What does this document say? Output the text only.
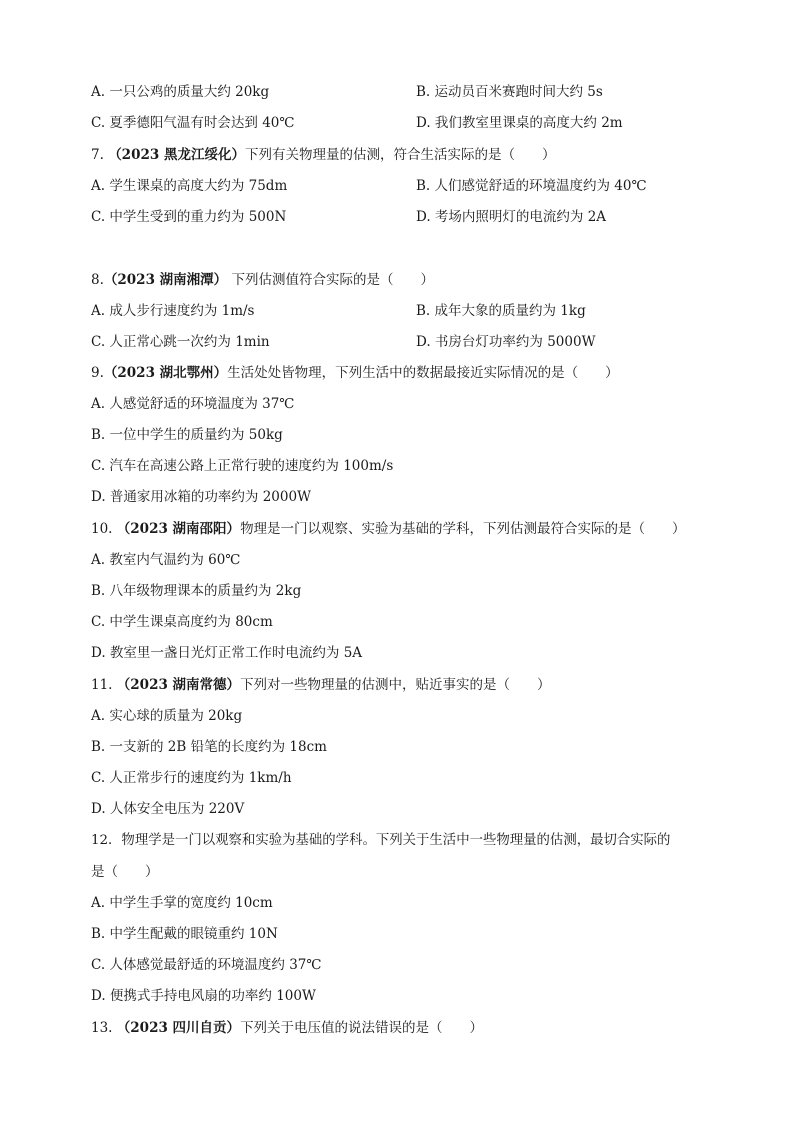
A. 一只公鸡的质量大约 20kg	B. 运动员百米赛跑时间大约 5s
C. 夏季德阳气温有时会达到 40℃	D. 我们教室里课桌的高度大约 2m
7. （2023 黑龙江绥化）下列有关物理量的估测，符合生活实际的是（　　）
A. 学生课桌的高度大约为 75dm	B. 人们感觉舒适的环境温度约为 40℃
C. 中学生受到的重力约为 500N	D. 考场内照明灯的电流约为 2A
8.（2023 湖南湘潭） 下列估测值符合实际的是（　　）
A. 成人步行速度约为 1m/s	B. 成年大象的质量约为 1kg
C. 人正常心跳一次约为 1min	D. 书房台灯功率约为 5000W
9.（2023 湖北鄂州）生活处处皆物理，下列生活中的数据最接近实际情况的是（　　）
A. 人感觉舒适的环境温度为 37℃
B. 一位中学生的质量约为 50kg
C. 汽车在高速公路上正常行驶的速度约为 100m/s
D. 普通家用冰箱的功率约为 2000W
10. （2023 湖南邵阳）物理是一门以观察、实验为基础的学科，下列估测最符合实际的是（　　）
A. 教室内气温约为 60℃
B. 八年级物理课本的质量约为 2kg
C. 中学生课桌高度约为 80cm
D. 教室里一盏日光灯正常工作时电流约为 5A
11. （2023 湖南常德）下列对一些物理量的估测中，贴近事实的是（　　）
A. 实心球的质量为 20kg
B. 一支新的 2B 铅笔的长度约为 18cm
C. 人正常步行的速度约为 1km/h
D. 人体安全电压为 220V
12．物理学是一门以观察和实验为基础的学科。下列关于生活中一些物理量的估测，最切合实际的
是（　　）
A. 中学生手掌的宽度约 10cm
B. 中学生配戴的眼镜重约 10N
C. 人体感觉最舒适的环境温度约 37℃
D. 便携式手持电风扇的功率约 100W
13. （2023 四川自贡）下列关于电压值的说法错误的是（　　）
